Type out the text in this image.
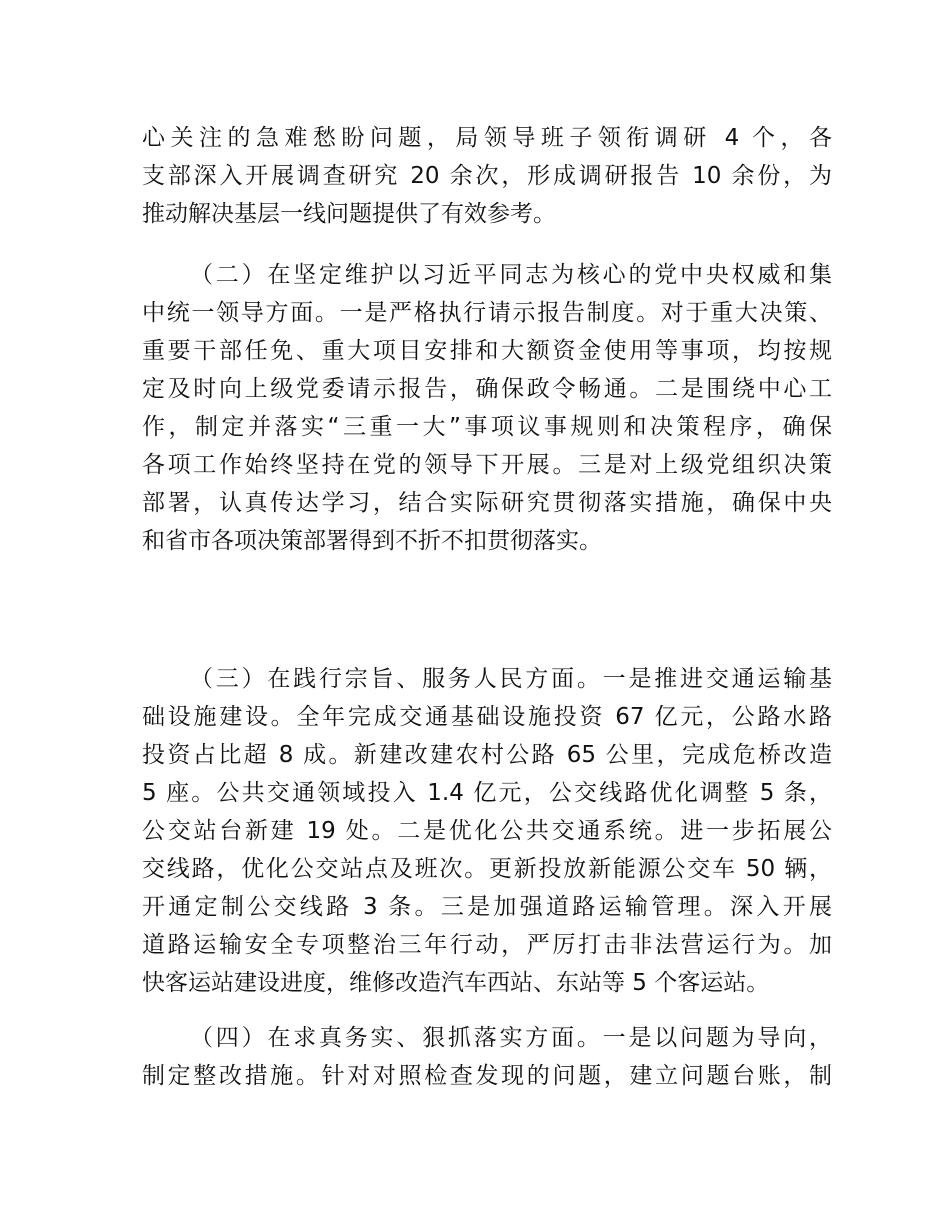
心关注的急难愁盼问题，局领导班子领衔调研 4 个，各
支部深入开展调查研究 20 余次，形成调研报告 10 余份，为
推动解决基层一线问题提供了有效参考。
（二）在坚定维护以习近平同志为核心的党中央权威和集
中统一领导方面。一是严格执行请示报告制度。对于重大决策、
重要干部任免、重大项目安排和大额资金使用等事项，均按规
定及时向上级党委请示报告，确保政令畅通。二是围绕中心工
作，制定并落实“三重一大”事项议事规则和决策程序，确保
各项工作始终坚持在党的领导下开展。三是对上级党组织决策
部署，认真传达学习，结合实际研究贯彻落实措施，确保中央
和省市各项决策部署得到不折不扣贯彻落实。
（三）在践行宗旨、服务人民方面。一是推进交通运输基
础设施建设。全年完成交通基础设施投资 67 亿元，公路水路
投资占比超 8 成。新建改建农村公路 65 公里，完成危桥改造
5 座。公共交通领域投入 1.4 亿元，公交线路优化调整 5 条，
公交站台新建 19 处。二是优化公共交通系统。进一步拓展公
交线路，优化公交站点及班次。更新投放新能源公交车 50 辆，
开通定制公交线路 3 条。三是加强道路运输管理。深入开展
道路运输安全专项整治三年行动，严厉打击非法营运行为。加
快客运站建设进度，维修改造汽车西站、东站等 5 个客运站。
（四）在求真务实、狠抓落实方面。一是以问题为导向，
制定整改措施。针对对照检查发现的问题，建立问题台账，制
